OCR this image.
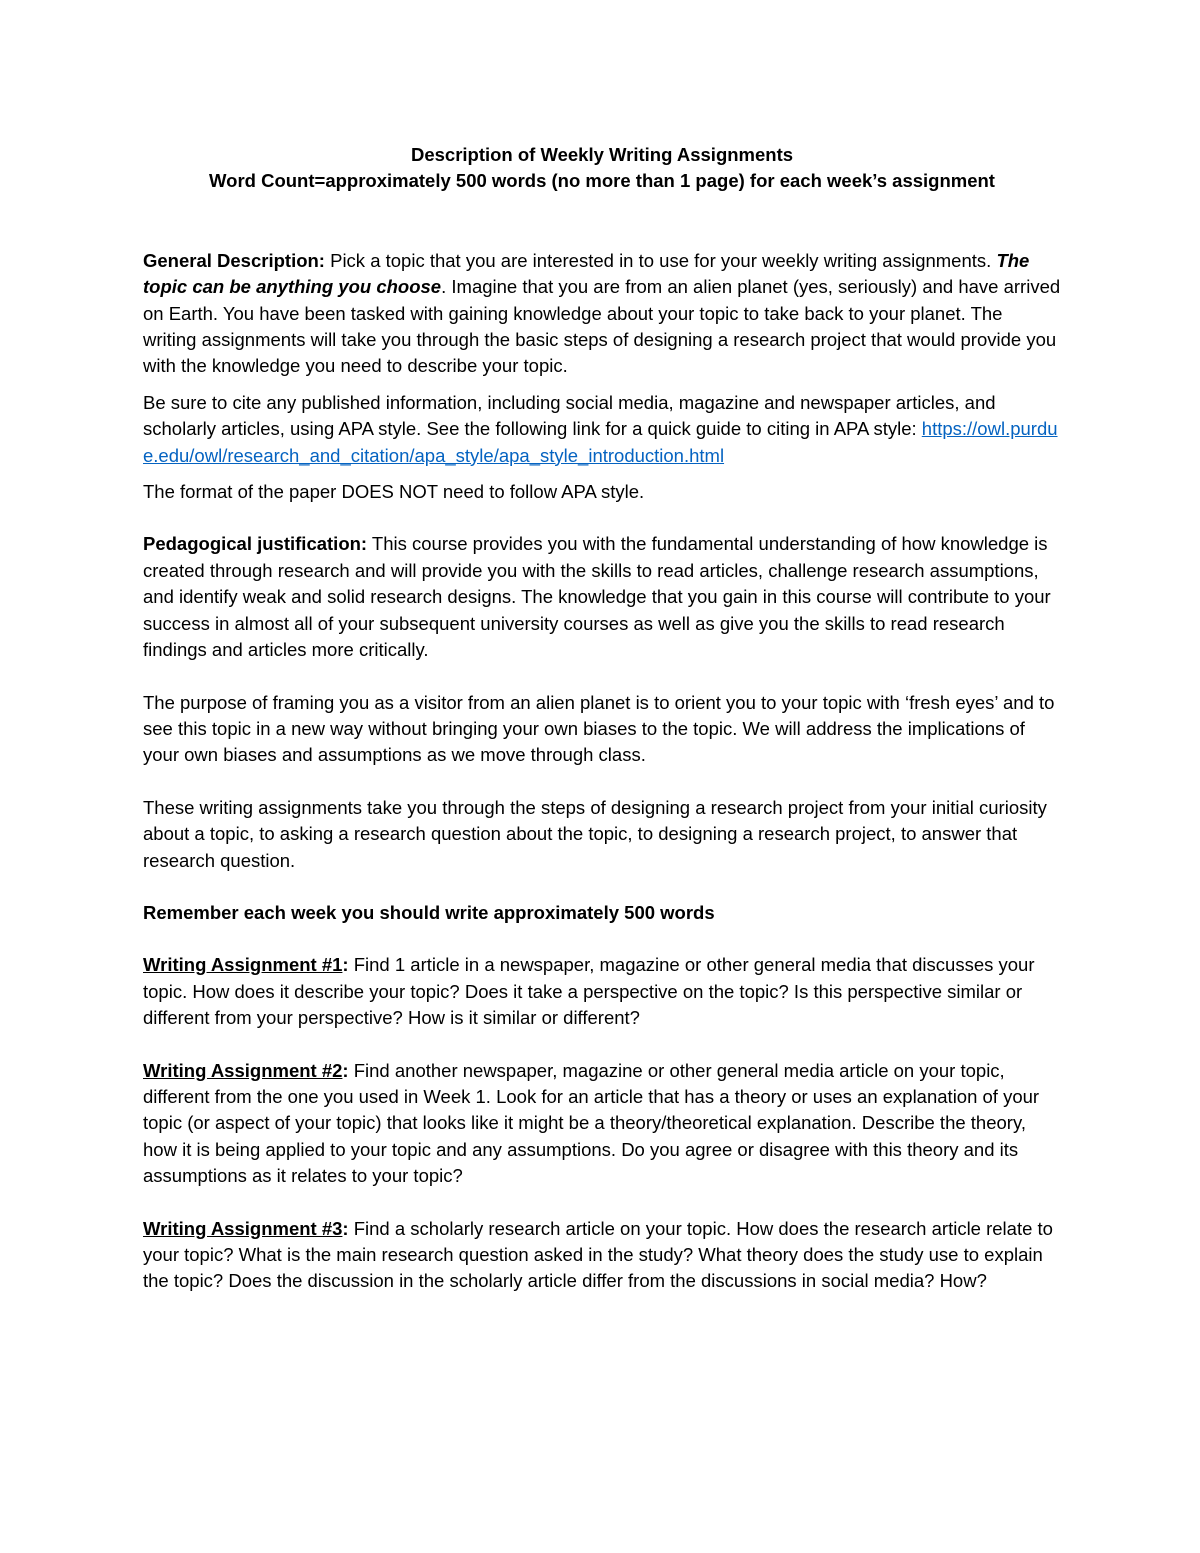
Description of Weekly Writing Assignments
Word Count=approximately 500 words (no more than 1 page) for each week’s assignment

General Description: Pick a topic that you are interested in to use for your weekly writing assignments. The topic can be anything you choose. Imagine that you are from an alien planet (yes, seriously) and have arrived on Earth. You have been tasked with gaining knowledge about your topic to take back to your planet. The writing assignments will take you through the basic steps of designing a research project that would provide you with the knowledge you need to describe your topic.

Be sure to cite any published information, including social media, magazine and newspaper articles, and scholarly articles, using APA style. See the following link for a quick guide to citing in APA style: https://owl.purdue.edu/owl/research_and_citation/apa_style/apa_style_introduction.html

The format of the paper DOES NOT need to follow APA style.

Pedagogical justification: This course provides you with the fundamental understanding of how knowledge is created through research and will provide you with the skills to read articles, challenge research assumptions, and identify weak and solid research designs. The knowledge that you gain in this course will contribute to your success in almost all of your subsequent university courses as well as give you the skills to read research findings and articles more critically.

The purpose of framing you as a visitor from an alien planet is to orient you to your topic with ‘fresh eyes’ and to see this topic in a new way without bringing your own biases to the topic. We will address the implications of your own biases and assumptions as we move through class.

These writing assignments take you through the steps of designing a research project from your initial curiosity about a topic, to asking a research question about the topic, to designing a research project, to answer that research question.

Remember each week you should write approximately 500 words

Writing Assignment #1: Find 1 article in a newspaper, magazine or other general media that discusses your topic. How does it describe your topic? Does it take a perspective on the topic? Is this perspective similar or different from your perspective? How is it similar or different?

Writing Assignment #2: Find another newspaper, magazine or other general media article on your topic, different from the one you used in Week 1. Look for an article that has a theory or uses an explanation of your topic (or aspect of your topic) that looks like it might be a theory/theoretical explanation. Describe the theory, how it is being applied to your topic and any assumptions. Do you agree or disagree with this theory and its assumptions as it relates to your topic?

Writing Assignment #3: Find a scholarly research article on your topic. How does the research article relate to your topic? What is the main research question asked in the study? What theory does the study use to explain the topic? Does the discussion in the scholarly article differ from the discussions in social media? How?
